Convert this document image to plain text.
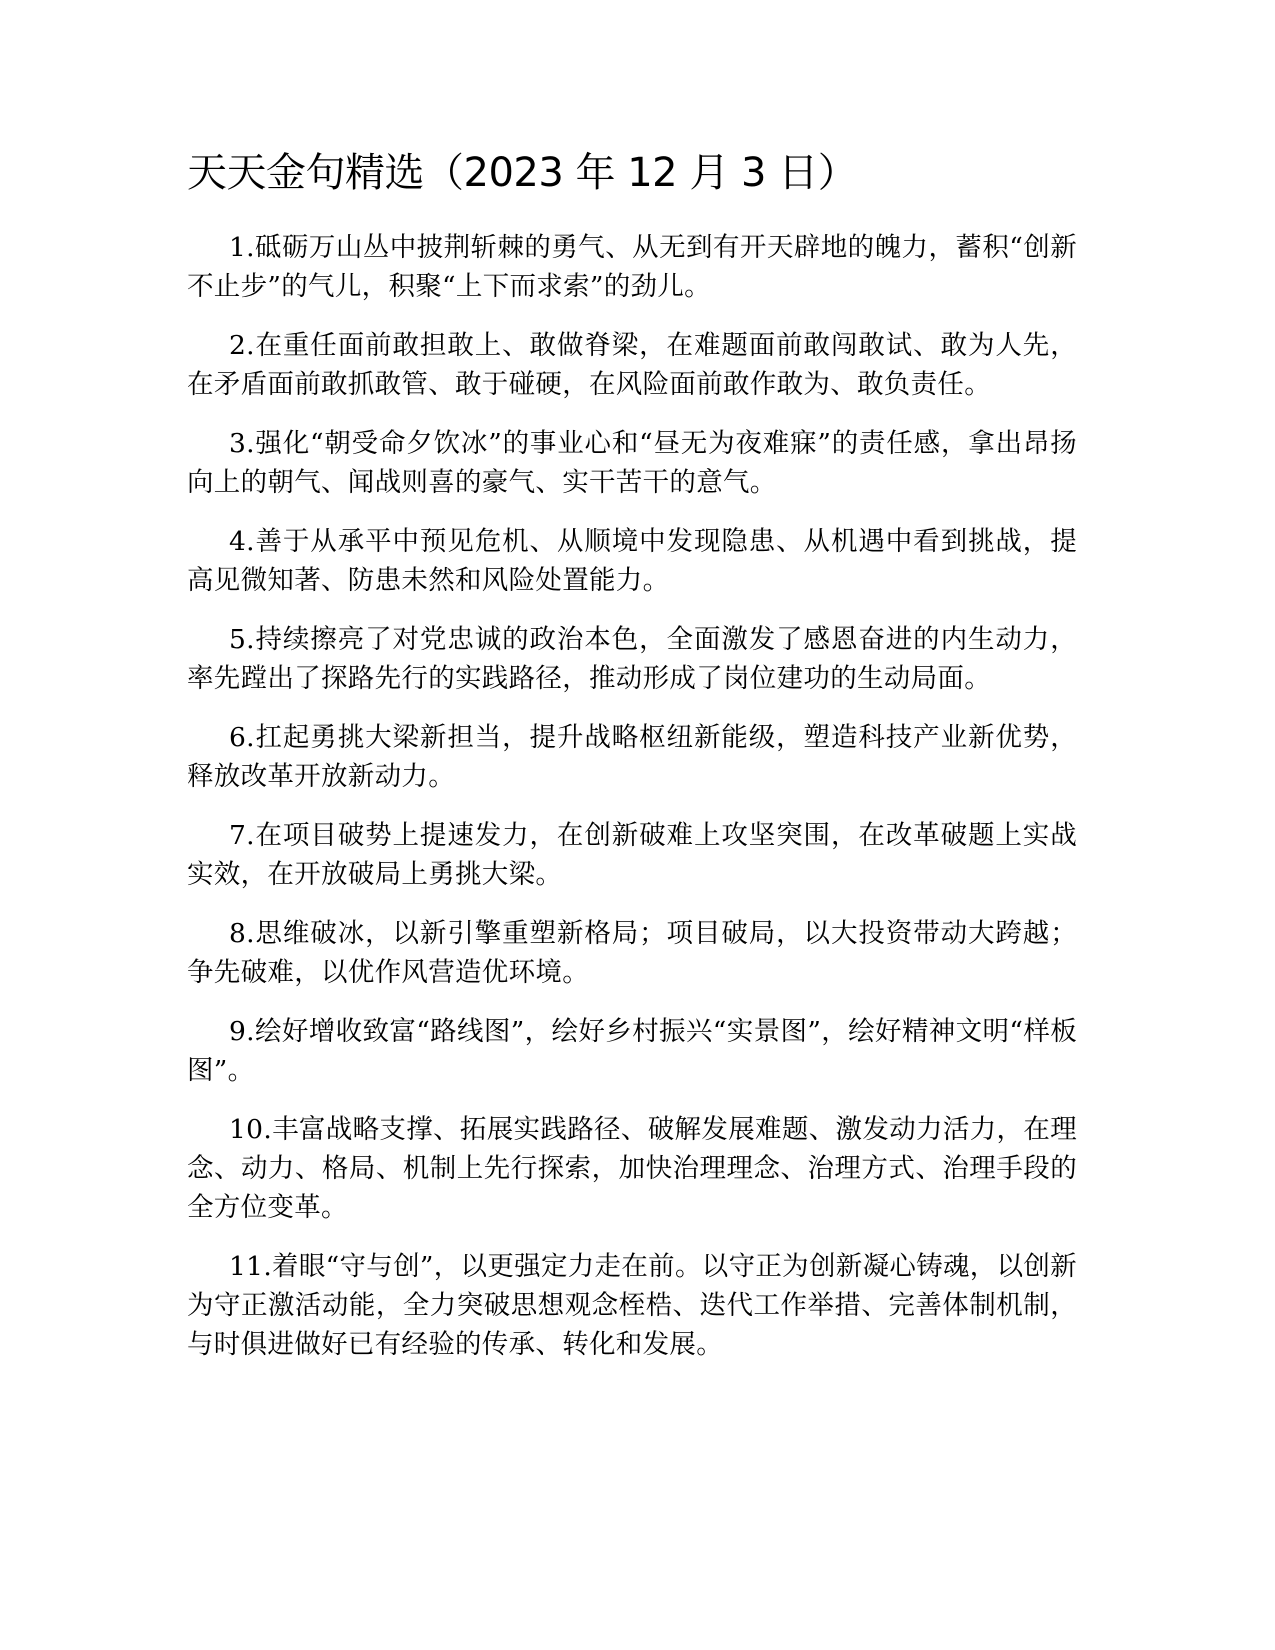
天天金句精选（2023 年 12 月 3 日）
1.砥砺万山丛中披荆斩棘的勇气、从无到有开天辟地的魄力，蓄积“创新不止步”的气儿，积聚“上下而求索”的劲儿。
2.在重任面前敢担敢上、敢做脊梁，在难题面前敢闯敢试、敢为人先，在矛盾面前敢抓敢管、敢于碰硬，在风险面前敢作敢为、敢负责任。
3.强化“朝受命夕饮冰”的事业心和“昼无为夜难寐”的责任感，拿出昂扬向上的朝气、闻战则喜的豪气、实干苦干的意气。
4.善于从承平中预见危机、从顺境中发现隐患、从机遇中看到挑战，提高见微知著、防患未然和风险处置能力。
5.持续擦亮了对党忠诚的政治本色，全面激发了感恩奋进的内生动力，率先蹚出了探路先行的实践路径，推动形成了岗位建功的生动局面。
6.扛起勇挑大梁新担当，提升战略枢纽新能级，塑造科技产业新优势，释放改革开放新动力。
7.在项目破势上提速发力，在创新破难上攻坚突围，在改革破题上实战实效，在开放破局上勇挑大梁。
8.思维破冰，以新引擎重塑新格局；项目破局，以大投资带动大跨越；争先破难，以优作风营造优环境。
9.绘好增收致富“路线图”，绘好乡村振兴“实景图”，绘好精神文明“样板图”。
10.丰富战略支撑、拓展实践路径、破解发展难题、激发动力活力，在理念、动力、格局、机制上先行探索，加快治理理念、治理方式、治理手段的全方位变革。
11.着眼“守与创”，以更强定力走在前。以守正为创新凝心铸魂，以创新为守正激活动能，全力突破思想观念桎梏、迭代工作举措、完善体制机制，与时俱进做好已有经验的传承、转化和发展。
